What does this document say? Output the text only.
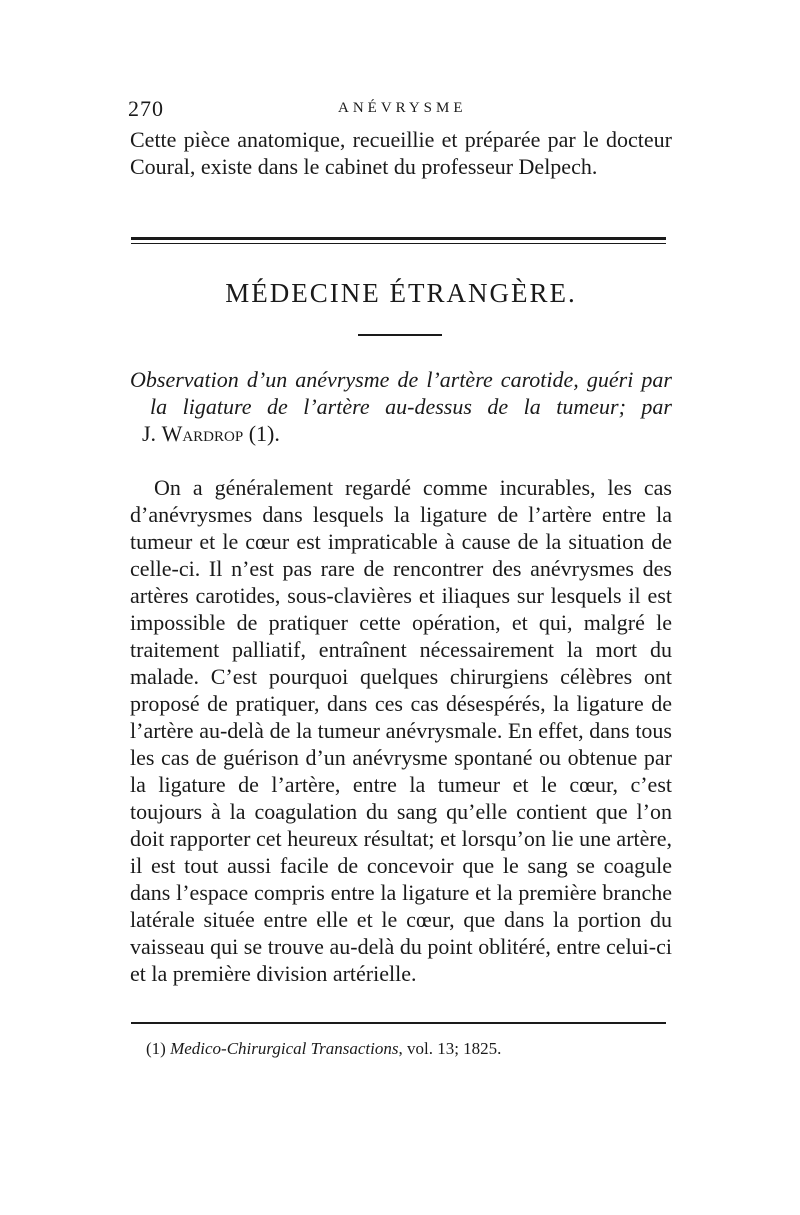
270	ANÉVRYSME

Cette pièce anatomique, recueillie et préparée par le docteur Coural, existe dans le cabinet du professeur Delpech.

MÉDECINE ÉTRANGÈRE.
Observation d’un anévrysme de l’artère carotide, guéri par
la ligature de l’artère au-dessus de la tumeur; par
J. Wardrop (1).

On a généralement regardé comme incurables, les cas d’anévrysmes dans lesquels la ligature de l’artère entre la tumeur et le cœur est impraticable à cause de la situation de celle-ci. Il n’est pas rare de rencontrer des anévrysmes des artères carotides, sous-clavières et iliaques sur lesquels il est impossible de pratiquer cette opération, et qui, malgré le traitement palliatif, entraînent nécessairement la mort du malade. C’est pourquoi quelques chirurgiens célèbres ont proposé de pratiquer, dans ces cas désespérés, la ligature de l’artère au-delà de la tumeur anévrysmale. En effet, dans tous les cas de guérison d’un anévrysme spontané ou obtenue par la ligature de l’artère, entre la tumeur et le cœur, c’est toujours à la coagulation du sang qu’elle contient que l’on doit rapporter cet heureux résultat; et lorsqu’on lie une artère, il est tout aussi facile de concevoir que le sang se coagule dans l’espace compris entre la ligature et la première branche latérale située entre elle et le cœur, que dans la portion du vaisseau qui se trouve au-delà du point oblitéré, entre celui-ci et la première division artérielle.

(1) Medico-Chirurgical Transactions, vol. 13; 1825.
